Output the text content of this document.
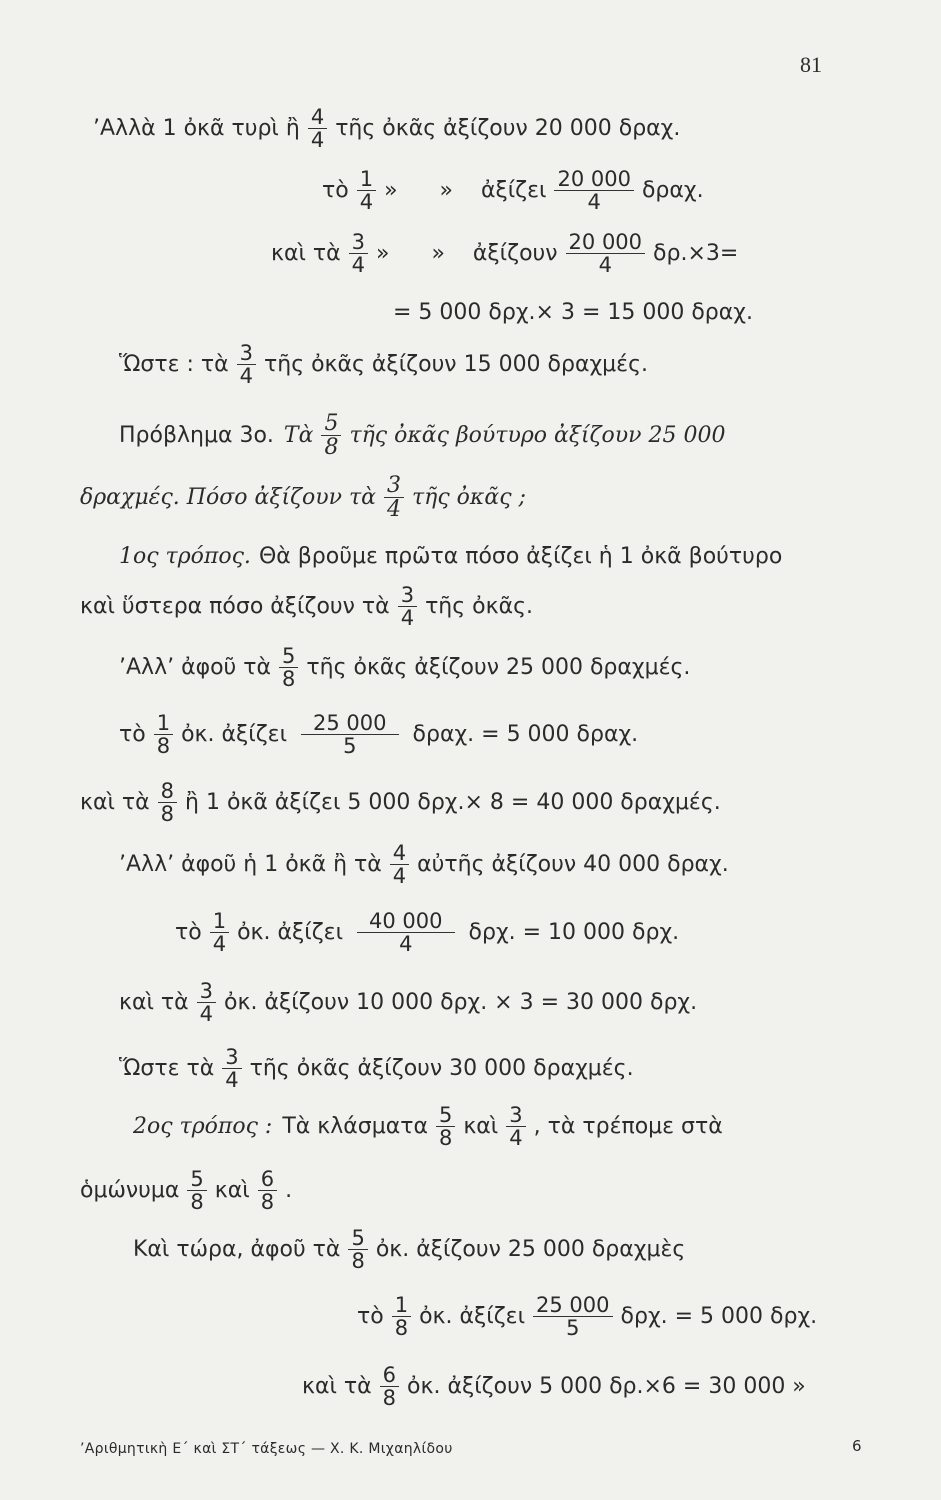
81
’Αλλὰ 1 ὀκᾶ τυρὶ ἢ $\frac{4}{4}$ τῆς ὀκᾶς ἀξίζουν 20 000 δραχ.
τὸ $\frac{1}{4}$ »      »    ἀξίζει $\frac{20 000}{4} \delta\rho\alpha\chi$.
καὶ τὰ $\frac{3}{4}$ »      »    ἀξίζουν $\frac{20 000}{4} \delta\rho.\times 3=$
= 5 000 δρχ.× 3 = 15 000 δραχ.
Ὥστε : τὰ $\frac{3}{4}$ τῆς ὀκᾶς ἀξίζουν 15 000 δραχμές.
Πρόβλημα 3ο. Τὰ $\frac{5}{8}$ τῆς ὀκᾶς βούτυρο ἀξίζουν 25 000
δραχμές. Πόσο ἀξίζουν τὰ $\frac{3}{4}$ τῆς ὀκᾶς ;
1ος τρόπος. Θὰ βροῦμε πρῶτα πόσο ἀξίζει ἡ 1 ὀκᾶ βούτυρο
καὶ ὕστερα πόσο ἀξίζουν τὰ $\frac{3}{4}$ τῆς ὀκᾶς.
’Αλλ’ ἀφοῦ τὰ $\frac{5}{8}$ τῆς ὀκᾶς ἀξίζουν 25 000 δραχμές.
τὸ $\frac{1}{8}$ ὀκ. ἀξίζει $\frac{25 000}{5} \delta\rho\alpha\chi$. = 5 000 δραχ.
καὶ τὰ $\frac{8}{8}$ ἢ 1 ὀκᾶ ἀξίζει 5 000 δρχ.× 8 = 40 000 δραχμές.
’Αλλ’ ἀφοῦ ἡ 1 ὀκᾶ ἢ τὰ $\frac{4}{4}$ αὐτῆς ἀξίζουν 40 000 δραχ.
τὸ $\frac{1}{4}$ ὀκ. ἀξίζει $\frac{40 000}{4} \delta\rho\chi$. = 10 000 δρχ.
καὶ τὰ $\frac{3}{4}$ ὀκ. ἀξίζουν 10 000 δρχ. × 3 = 30 000 δρχ.
Ὥστε τὰ $\frac{3}{4}$ τῆς ὀκᾶς ἀξίζουν 30 000 δραχμές.
2ος τρόπος : Τὰ κλάσματα $\frac{5}{8}$ καὶ $\frac{3}{4}$ , τὰ τρέπομε στὰ
ὁμώνυμα $\frac{5}{8}$ καὶ $\frac{6}{8}$ .
Καὶ τώρα, ἀφοῦ τὰ $\frac{5}{8}$ ὀκ. ἀξίζουν 25 000 δραχμὲς
τὸ $\frac{1}{8}$ ὀκ. ἀξίζει $\frac{25 000}{5} \delta\rho\chi$. = 5 000 δρχ.
καὶ τὰ $\frac{6}{8}$ ὀκ. ἀξίζουν 5 000 δρ.×6 = 30 000 »
’Αριθμητικὴ Ε΄ καὶ ΣΤ΄ τάξεως — Χ. Κ. Μιχαηλίδου	6
